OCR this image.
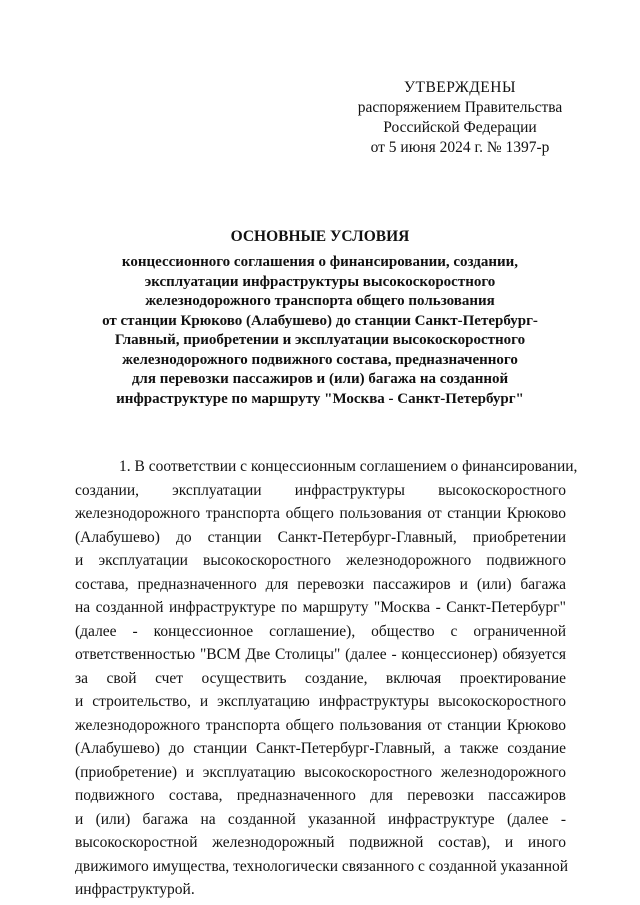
УТВЕРЖДЕНЫ
распоряжением Правительства
Российской Федерации
от 5 июня 2024 г. № 1397-р
ОСНОВНЫЕ УСЛОВИЯ
концессионного соглашения о финансировании, создании,
эксплуатации инфраструктуры высокоскоростного
железнодорожного транспорта общего пользования
от станции Крюково (Алабушево) до станции Санкт-Петербург-
Главный, приобретении и эксплуатации высокоскоростного
железнодорожного подвижного состава, предназначенного
для перевозки пассажиров и (или) багажа на созданной
инфраструктуре по маршруту "Москва - Санкт-Петербург"
1. В соответствии с концессионным соглашением о финансировании,
создании, эксплуатации инфраструктуры высокоскоростного
железнодорожного транспорта общего пользования от станции Крюково
(Алабушево) до станции Санкт-Петербург-Главный, приобретении
и эксплуатации высокоскоростного железнодорожного подвижного
состава, предназначенного для перевозки пассажиров и (или) багажа
на созданной инфраструктуре по маршруту "Москва - Санкт-Петербург"
(далее - концессионное соглашение), общество с ограниченной
ответственностью "ВСМ Две Столицы" (далее - концессионер) обязуется
за свой счет осуществить создание, включая проектирование
и строительство, и эксплуатацию инфраструктуры высокоскоростного
железнодорожного транспорта общего пользования от станции Крюково
(Алабушево) до станции Санкт-Петербург-Главный, а также создание
(приобретение) и эксплуатацию высокоскоростного железнодорожного
подвижного состава, предназначенного для перевозки пассажиров
и (или) багажа на созданной указанной инфраструктуре (далее -
высокоскоростной железнодорожный подвижной состав), и иного
движимого имущества, технологически связанного с созданной указанной
инфраструктурой.
